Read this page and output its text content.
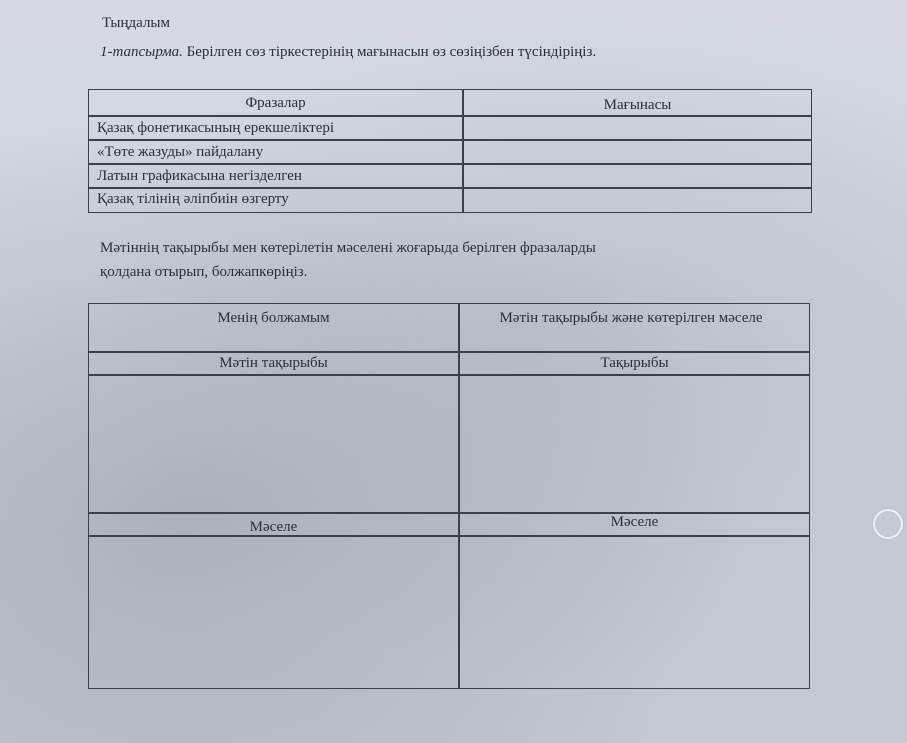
Тыңдалым
1-тапсырма. Берілген сөз тіркестерінің мағынасын өз сөзіңізбен түсіндіріңіз.
Фразалар	Мағынасы
Қазақ фонетикасының ерекшеліктері
«Төте жазуды» пайдалану
Латын графикасына негізделген
Қазақ тілінің әліпбиін өзгерту
Мәтіннің тақырыбы мен көтерілетін мәселені жоғарыда берілген фразаларды
қолдана отырып, болжапкөріңіз.
Менің болжамым	Мәтін тақырыбы және көтерілген мәселе
Мәтін тақырыбы	Тақырыбы
Мәселе	Мәселе
